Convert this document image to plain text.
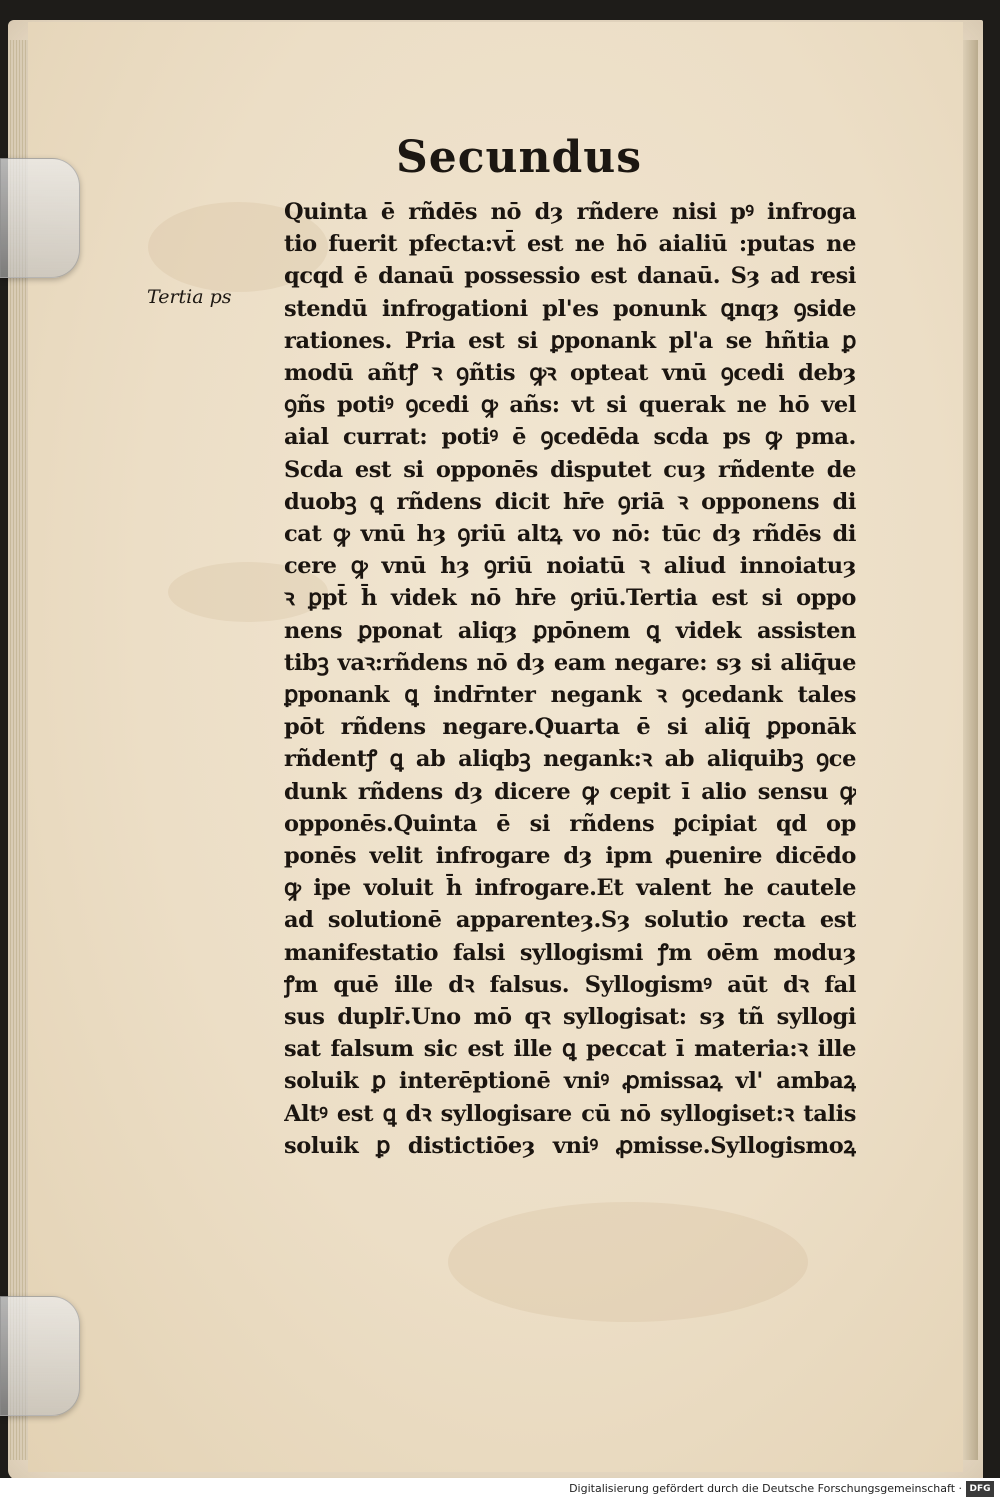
Secundus
Tertia ps
Quinta ē rñdēs nō dȝ rñdere nisi pꝰ infroga
tio fuerit pfecta:vt̄ est ne hō aialiū :putas ne
qcqd ē danaū possessio est danaū. Sȝ ad resi
stendū infrogationi pl'es ponunk ꝗnqȝ ꝯside
rationes. Pria est si ꝑponank pl'a se hñtia ꝑ
modū añtꝭ ꝛ ꝯñtis ꝙꝛ opteat vnū ꝯcedi debȝ
ꝯñs potiꝰ ꝯcedi ꝙ añs: vt si querak ne hō vel
aial currat: potiꝰ ē ꝯcedēda scda ps ꝙ pma.
Scda est si opponēs disputet cuȝ rñdente de
duobꝫ ꝗ rñdens dicit hr̄e ꝯriā ꝛ opponens di
cat ꝙ vnū hȝ ꝯriū altꝝ vo nō: tūc dȝ rñdēs di
cere ꝙ vnū hȝ ꝯriū noiatū ꝛ aliud innoiatuȝ
ꝛ ꝑpt̄ h̄ videk nō hr̄e ꝯriū.Tertia est si oppo
nens ꝑponat aliqȝ ꝑpōnem ꝗ videk assisten
tibꝫ vaꝛ:rñdens nō dȝ eam negare: sȝ si aliq̄ue
ꝑponank ꝗ indr̄nter negank ꝛ ꝯcedank tales
pōt rñdens negare.Quarta ē si aliq̄ ꝑponāk
rñdentꝭ ꝗ ab aliqbꝫ negank:ꝛ ab aliquibꝫ ꝯce
dunk rñdens dȝ dicere ꝙ cepit ī alio sensu ꝙ
opponēs.Quinta ē si rñdens ꝑcipiat qd op
ponēs velit infrogare dȝ ipm ꝓuenire dicēdo
ꝙ ipe voluit h̄ infrogare.Et valent he cautele
ad solutionē apparenteȝ.Sȝ solutio recta est
manifestatio falsi syllogismi ꝭm oēm moduȝ
ꝭm quē ille dꝛ falsus. Syllogismꝰ aūt dꝛ fal
sus duplr̄.Uno mō qꝛ syllogisat: sȝ tñ syllogi
sat falsum sic est ille ꝗ peccat ī materia:ꝛ ille
soluik ꝑ interēptionē vniꝰ ꝓmissaꝝ vl' ambaꝝ
Altꝰ est ꝗ dꝛ syllogisare cū nō syllogiset:ꝛ talis
soluik ꝑ distictiōeȝ vniꝰ ꝓmisse.Syllogismoꝝ
Digitalisierung gefördert durch die Deutsche Forschungsgemeinschaft · DFG
